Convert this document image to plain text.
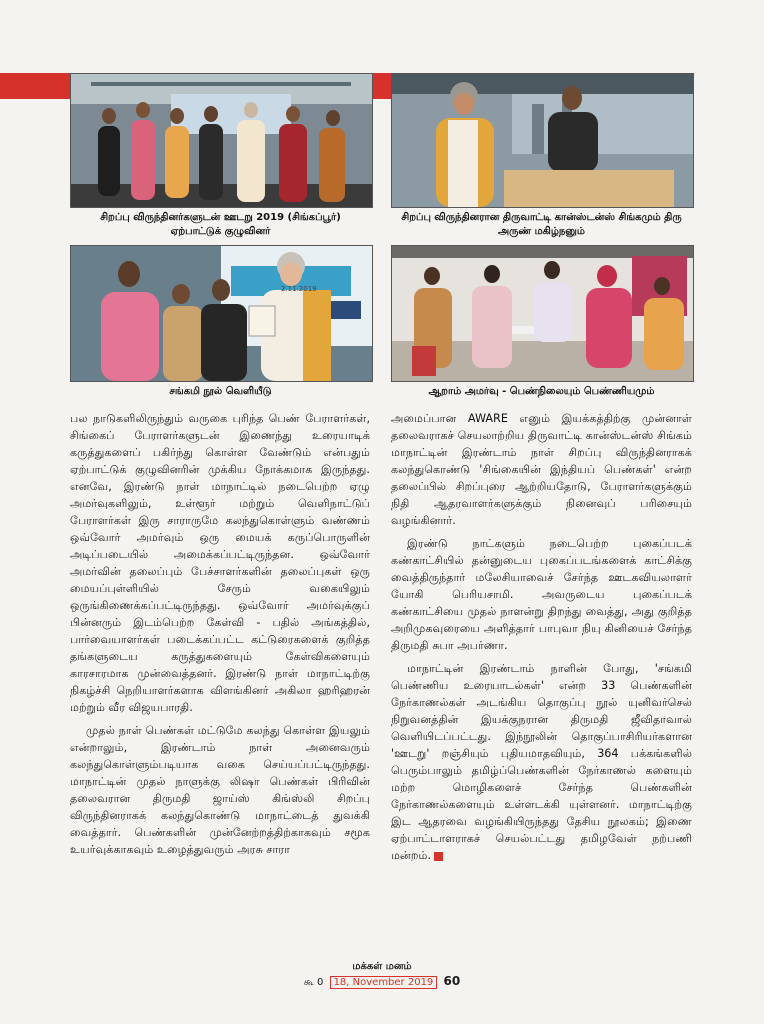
சிறப்பு விருந்தினர்களுடன் ஊடறு 2019 (சிங்கப்பூர்) ஏற்பாட்டுக் குழுவினர்
சிறப்பு விருந்தினரான திருவாட்டி கான்ஸ்டன்ஸ் சிங்கமும் திரு அருண் மகிழ்நனும்
2.11.2019
சங்கமி நூல் வெளியீடு	ஆறாம் அமர்வு - பெண்நிலையும் பெண்ணியமும்

பல நாடுகளிலிருந்தும் வருகை புரிந்த பெண் பேராளர்கள், சிங்கைப் பேராளர்களுடன் இணைந்து உரையாடிக் கருத்துகளைப் பகிர்ந்து கொள்ள வேண்டும் என்பதும் ஏற்பாட்டுக் குழுவினரின் முக்கிய நோக்கமாக இருந்தது. எனவே, இரண்டு நாள் மாநாட்டில் நடைபெற்ற ஏழு அமர்வுகளிலும், உள்ளூர் மற்றும் வெளிநாட்டுப் பேராளர்கள் இரு சாராருமே கலந்துகொள்ளும் வண்ணம் ஒவ்வோர் அமர்வும் ஒரு மையக் கருப்பொருளின் அடிப்படையில் அமைக்கப்பட்டிருந்தன. ஒவ்வோர் அமர்வின் தலைப்பும் பேச்சாளர்களின் தலைப்புகள் ஒரு மையப்புள்ளியில் சேரும் வகையிலும் ஒருங்கிணைக்கப்பட்டிருந்தது. ஒவ்வோர் அமர்வுக்குப் பின்னரும் இடம்பெற்ற கேள்வி - பதில் அங்கத்தில், பார்வையாளர்கள் படைக்கப்பட்ட கட்டுரைகளைக் குறித்த தங்களுடைய கருத்துகளையும் கேள்விகளையும் காரசாரமாக முன்வைத்தனர். இரண்டு நாள் மாநாட்டிற்கு நிகழ்ச்சி நெறியாளர்களாக விளங்கினர் அகிலா ஹரிஹரன் மற்றும் வீர விஜயபாரதி.

முதல் நாள் பெண்கள் மட்டுமே கலந்து கொள்ள இயலும் என்றாலும், இரண்டாம் நாள் அனைவரும் கலந்துகொள்ளும்படியாக வகை செய்யப்பட்டிருந்தது. மாநாட்டின் முதல் நாளுக்கு லிஷா பெண்கள் பிரிவின் தலைவரான திருமதி ஜாய்ஸ் கிங்ஸ்லி சிறப்பு விருந்தினராகக் கலந்துகொண்டு மாநாட்டைத் துவக்கி வைத்தார். பெண்களின் முன்னேற்றத்திற்காகவும் சமூக உயர்வுக்காகவும் உழைத்துவரும் அரசு சாரா

அமைப்பான AWARE எனும் இயக்கத்திற்கு முன்னாள் தலைவராகச் செயலாற்றிய திருவாட்டி கான்ஸ்டன்ஸ் சிங்கம் மாநாட்டின் இரண்டாம் நாள் சிறப்பு விருந்தினராகக் கலந்துகொண்டு 'சிங்கையின் இந்தியப் பெண்கள்' என்ற தலைப்பில் சிறப்புரை ஆற்றியதோடு, பேராளர்களுக்கும் நிதி ஆதரவாளர்களுக்கும் நினைவுப் பரிசையும் வழங்கினார்.

இரண்டு நாட்களும் நடைபெற்ற புகைப்படக் கண்காட்சியில் தன்னுடைய புகைப்படங்களைக் காட்சிக்கு வைத்திருந்தார் மலேசியாவைச் சேர்ந்த ஊடகவியலாளர் யோகி பெரியசாமி. அவருடைய புகைப்படக் கண்காட்சியை முதல் நாளன்று திறந்து வைத்து, அது குறித்த அறிமுகவுரையை அளித்தார் பாபுவா நியு கினியைச் சேர்ந்த திருமதி சுபா அபர்ணா.

மாநாட்டின் இரண்டாம் நாளின் போது, 'சங்கமி பெண்ணிய உரையாடல்கள்' என்ற 33 பெண்களின் நேர்காணல்கள் அடங்கிய தொகுப்பு நூல் யுனிவர்செல் நிறுவனத்தின் இயக்குநரான திருமதி ஜீவிதாவால் வெளியிடப்பட்டது. இந்நூலின் தொகுப்பாசிரியர்களான 'ஊடறு' றஞ்சியும் புதியமாதவியும், 364 பக்கங்களில் பெரும்பாலும் தமிழ்ப்பெண்களின் நேர்காணல் களையும் மற்ற மொழிகளைச் சேர்ந்த பெண்களின் நேர்காணல்களையும் உள்ளடக்கி யுள்ளனர். மாநாட்டிற்கு இட ஆதரவை வழங்கியிருந்தது தேசிய நூலகம்; இணை ஏற்பாட்டாளராகச் செயல்பட்டது தமிழவேள் நற்பணி மன்றம்.

மக்கள் மனம்
கூ 0 18, November 2019 60
